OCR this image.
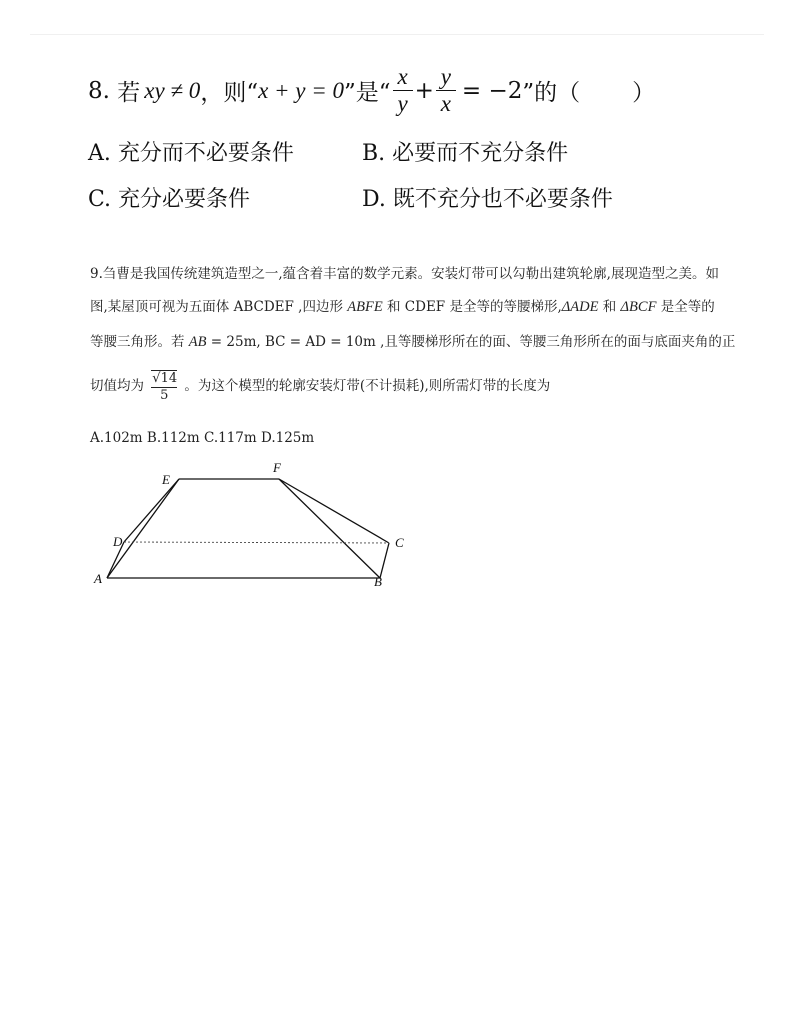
8.
若 xy ≠ 0 ，则“ x + y = 0 ”是“ $\frac{x}{y} + \frac{y}{x} = -2$ ”的（ ）
A. 充分而不必要条件	B. 必要而不充分条件
C. 充分必要条件	D. 既不充分也不必要条件
9.刍曹是我国传统建筑造型之一,蕴含着丰富的数学元素。安装灯带可以勾勒出建筑轮廓,展现造型之美。如
图,某屋顶可视为五面体 ABCDEF ,四边形 ABFE 和 CDEF 是全等的等腰梯形,ΔADE 和 ΔBCF 是全等的
等腰三角形。若 AB = 25m, BC = AD = 10m ,且等腰梯形所在的面、等腰三角形所在的面与底面夹角的正
切值均为 $\frac{√14}{5}$ 。为这个模型的轮廓安装灯带(不计损耗),则所需灯带的长度为
A.102m B.112m C.117m D.125m
A	B
C
D
E
F
